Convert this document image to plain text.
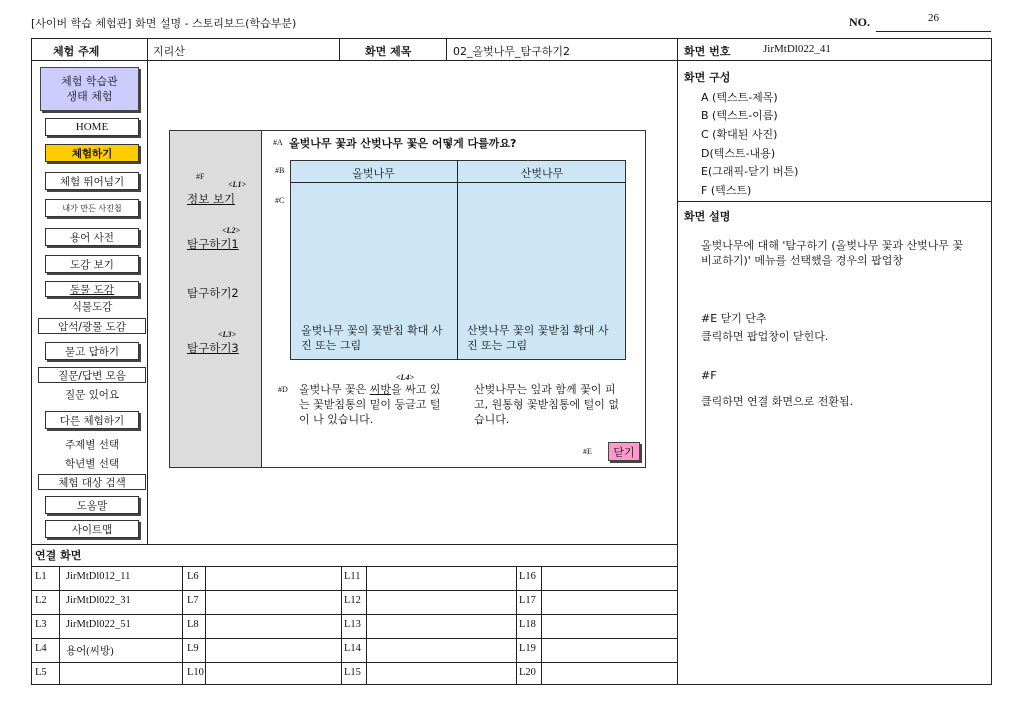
[사이버 학습 체험관] 화면 설명 - 스토리보드(학습부분)	NO.	26
체험 주제	지리산	화면 제목	02_올벚나무_탐구하기2	화면 번호	JirMtDl022_41
체험 학습관
생태 체험
HOME
체험하기
체험 뛰어넘기
내가 만든 사진첩
용어 사전
도감 보기
동물 도감
식물도감
암석/광물 도감
묻고 답하기
질문/답변 모음
질문 있어요
다른 체험하기
주제별 선택
학년별 선택
체험 대상 검색
도움말
사이트맵
#F
<L1>
정보 보기
<L2>
탐구하기1
탐구하기2
<L3>
탐구하기3
#A 올벚나무 꽃과 산벚나무 꽃은 어떻게 다를까요?
#B
#C
올벚나무	산벚나무
올벚나무 꽃의 꽃받침 확대 사진 또는 그림
산벚나무 꽃의 꽃받침 확대 사진 또는 그림
#D
<L4>
올벚나무 꽃은 씨방을 싸고 있는 꽃받침통의 밑이 둥글고 털이 나 있습니다.
산벚나무는 잎과 함께 꽃이 피고, 원통형 꽃받침통에 털이 없습니다.
#E	닫기
화면 구성
A (텍스트-제목)
B (텍스트-이름)
C (확대된 사진)
D(텍스트-내용)
E(그래픽-닫기 버튼)
F (텍스트)
화면 설명
올벚나무에 대해 '탐구하기 (올벚나무 꽃과 산벚나무 꽃 비교하기)' 메뉴를 선택했을 경우의 팝업창
#E 닫기 단추
클릭하면 팝업창이 닫힌다.
#F
클릭하면 연결 화면으로 전환됨.
연결 화면
L1 JirMtDl012_11	L6	L11	L16
L2 JirMtDl022_31	L7	L12	L17
L3 JirMtDl022_51	L8	L13	L18
L4 용어(씨방)	L9	L14	L19
L5	L10	L15	L20
